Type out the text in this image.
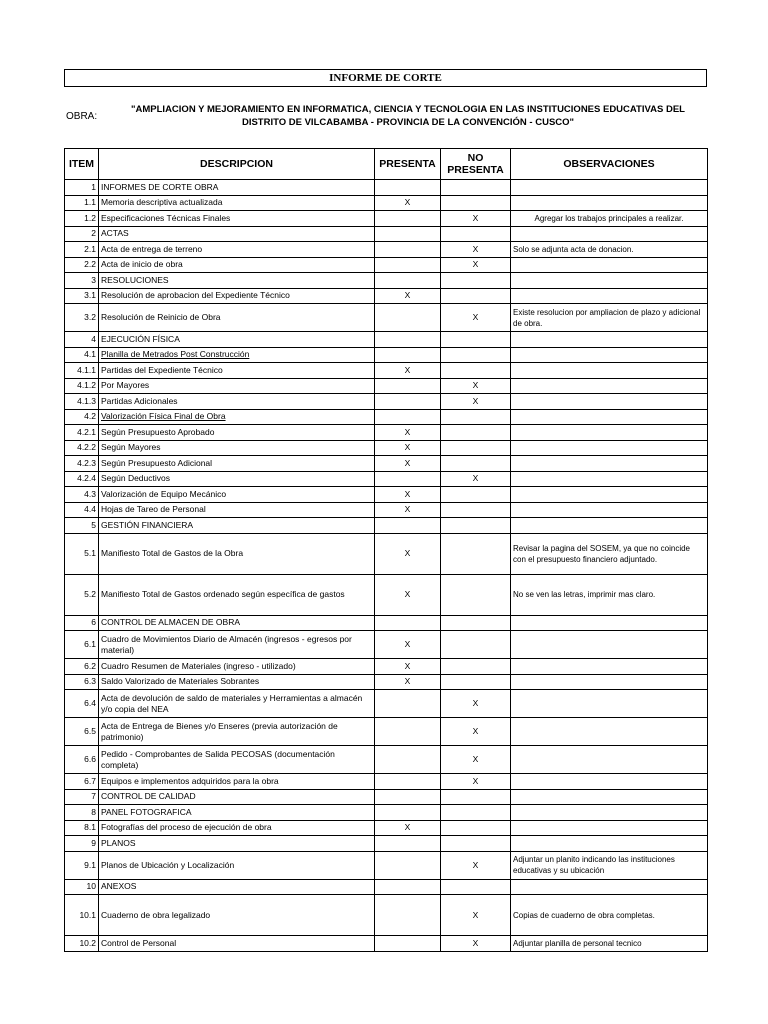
INFORME DE CORTE
OBRA:
"AMPLIACION Y MEJORAMIENTO EN INFORMATICA, CIENCIA Y TECNOLOGIA EN LAS INSTITUCIONES EDUCATIVAS DEL DISTRITO DE VILCABAMBA - PROVINCIA DE LA CONVENCIÓN - CUSCO"
ITEM	DESCRIPCION	PRESENTA	NO PRESENTA	OBSERVACIONES
1	INFORMES DE CORTE OBRA			
1.1	Memoria descriptiva actualizada	X		
1.2	Especificaciones Técnicas Finales		X	Agregar los trabajos principales a realizar.
2	ACTAS			
2.1	Acta de entrega de terreno		X	Solo se adjunta acta de donacion.
2.2	Acta de inicio de obra		X	
3	RESOLUCIONES			
3.1	Resolución de aprobacion del Expediente Técnico	X		
3.2	Resolución de Reinicio de Obra		X	Existe resolucion por ampliacion de plazo y adicional de obra.
4	EJECUCIÓN FÍSICA			
4.1	Planilla de Metrados Post Construcción			
4.1.1	Partidas del Expediente Técnico	X		
4.1.2	Por Mayores		X	
4.1.3	Partidas Adicionales		X	
4.2	Valorización Física Final de Obra			
4.2.1	Según Presupuesto Aprobado	X		
4.2.2	Según Mayores	X		
4.2.3	Según Presupuesto Adicional	X		
4.2.4	Según Deductivos		X	
4.3	Valorización de Equipo Mecánico	X		
4.4	Hojas de Tareo de Personal	X		
5	GESTIÓN FINANCIERA			
5.1	Manifiesto Total de Gastos de la Obra	X		Revisar la pagina del SOSEM, ya que no coincide con el presupuesto financiero adjuntado.
5.2	Manifiesto Total de Gastos ordenado según específica de gastos	X		No se ven las letras, imprimir mas claro.
6	CONTROL DE ALMACEN DE OBRA			
6.1	Cuadro de Movimientos Diario de Almacén (ingresos - egresos por material)	X		
6.2	Cuadro Resumen de Materiales (ingreso - utilizado)	X		
6.3	Saldo Valorizado de Materiales Sobrantes	X		
6.4	Acta de devolución de saldo de materiales y Herramientas a almacén y/o copia del NEA		X	
6.5	Acta de Entrega de Bienes y/o Enseres (previa autorización de patrimonio)		X	
6.6	Pedido - Comprobantes de Salida PECOSAS (documentación completa)		X	
6.7	Equipos e implementos adquiridos para la obra		X	
7	CONTROL DE CALIDAD			
8	PANEL FOTOGRAFICA			
8.1	Fotografías del proceso de ejecución de obra	X		
9	PLANOS			
9.1	Planos de Ubicación y Localización		X	Adjuntar un planito indicando las instituciones educativas y su ubicación
10	ANEXOS			
10.1	Cuaderno de obra legalizado		X	Copias de cuaderno de obra completas.
10.2	Control de Personal		X	Adjuntar planilla de personal tecnico
